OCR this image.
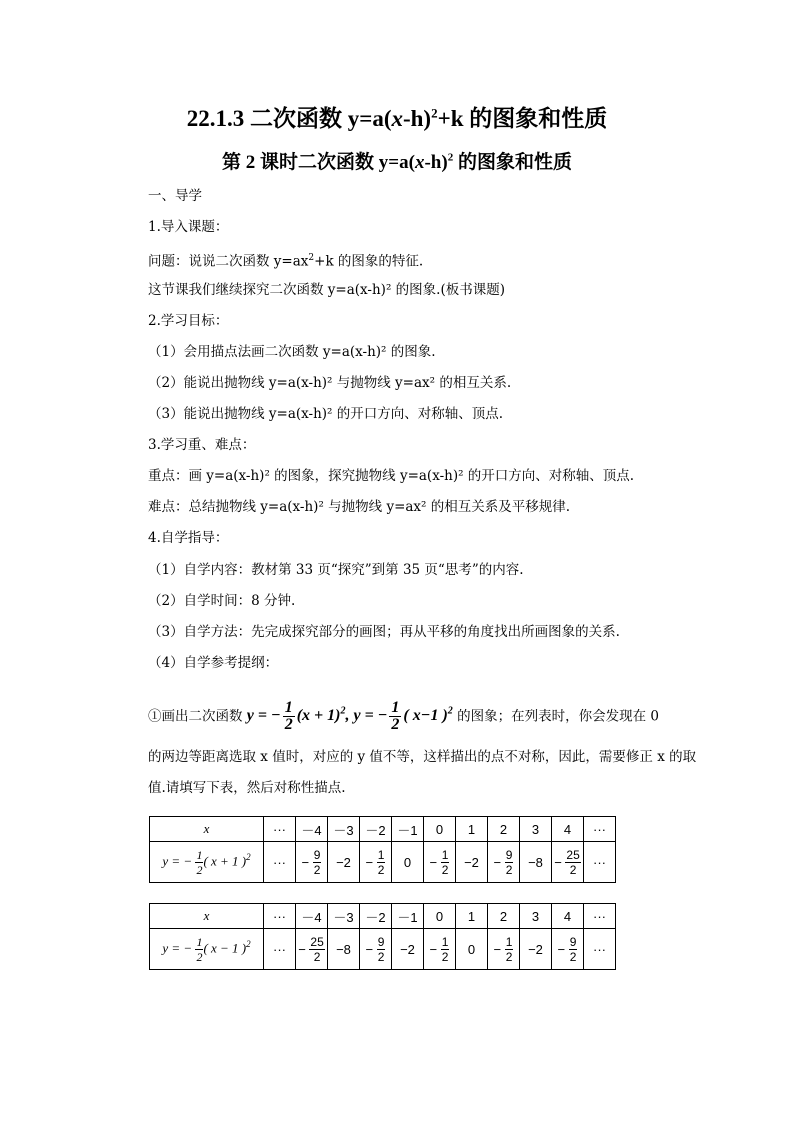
22.1.3 二次函数 $y=a(x-h)^2+k$ 的图象和性质
第 2 课时二次函数 $y=a(x-h)^2$ 的图象和性质
一、导学
1.导入课题：
问题：说说二次函数 $y=ax^2+k$ 的图象的特征.
这节课我们继续探究二次函数 y=a(x-h)² 的图象.(板书课题)
2.学习目标：
（1）会用描点法画二次函数 y=a(x-h)² 的图象.
（2）能说出抛物线 y=a(x-h)² 与抛物线 y=ax² 的相互关系.
（3）能说出抛物线 y=a(x-h)² 的开口方向、对称轴、顶点.
3.学习重、难点：
重点：画 y=a(x-h)² 的图象，探究抛物线 y=a(x-h)² 的开口方向、对称轴、顶点.
难点：总结抛物线 y=a(x-h)² 与抛物线 y=ax² 的相互关系及平移规律.
4.自学指导：
（1）自学内容：教材第 33 页“探究”到第 35 页“思考”的内容.
（2）自学时间：8 分钟.
（3）自学方法：先完成探究部分的画图；再从平移的角度找出所画图象的关系.
（4）自学参考提纲：
①画出二次函数 y = − $\frac{1}{2} (x + 1)^2$, y = − $\frac{1}{2}$ ( x−1 )$^2$ 的图象；在列表时，你会发现在 0
的两边等距离选取 x 值时，对应的 y 值不等，这样描出的点不对称，因此，需要修正 x 的取
值.请填写下表，然后对称性描点.
x	···	－4	－3	－2	－1	0	1	2	3	4	···
y = − $\frac{1}{2}$ ( x + 1 )$^2$	···	− $\frac{9}{2}$	−2	− $\frac{1}{2}$	0	− $\frac{1}{2}$	−2	− $\frac{9}{2}$	−8	− $\frac{25}{2}$	···
x	···	－4	－3	－2	－1	0	1	2	3	4	···
y = − $\frac{1}{2}$ ( x − 1 )$^2$	···	− $\frac{25}{2}$	−8	− $\frac{9}{2}$	−2	− $\frac{1}{2}$	0	− $\frac{1}{2}$	−2	− $\frac{9}{2}$	···
